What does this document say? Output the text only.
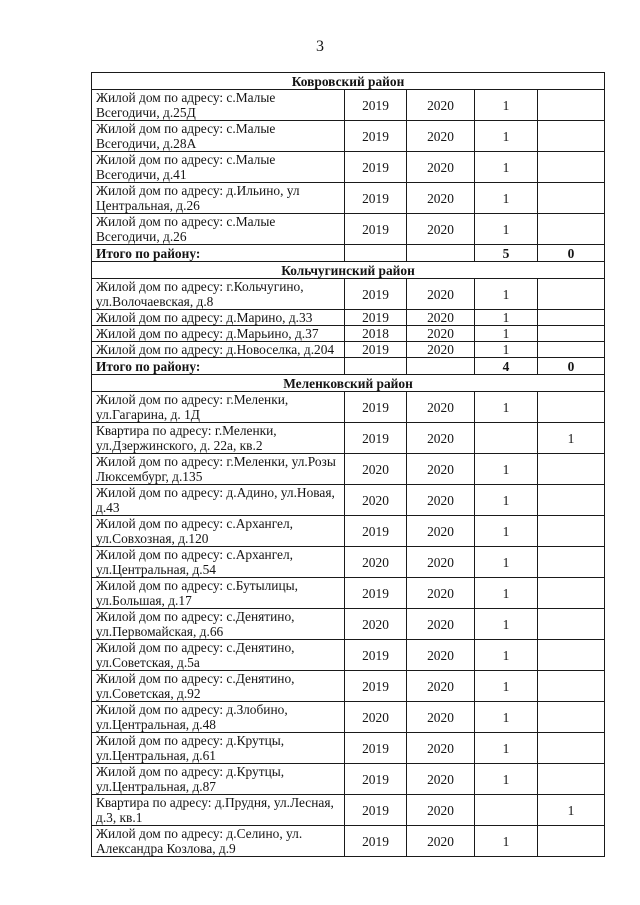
3
Ковровский район				
Жилой дом по адресу: с.Малые Всегодичи, д.25Д	2019	2020	1	
Жилой дом по адресу: с.Малые Всегодичи, д.28А	2019	2020	1	
Жилой дом по адресу: с.Малые Всегодичи, д.41	2019	2020	1	
Жилой дом по адресу: д.Ильино, ул Центральная, д.26	2019	2020	1	
Жилой дом по адресу: с.Малые Всегодичи, д.26	2019	2020	1	
Итого по району:			5	0
Кольчугинский район				
Жилой дом по адресу: г.Кольчугино, ул.Волочаевская, д.8	2019	2020	1	
Жилой дом по адресу: д.Марино, д.33	2019	2020	1	
Жилой дом по адресу: д.Марьино, д.37	2018	2020	1	
Жилой дом по адресу: д.Новоселка, д.204	2019	2020	1	
Итого по району:			4	0
Меленковский район				
Жилой дом по адресу: г.Меленки, ул.Гагарина, д. 1Д	2019	2020	1	
Квартира по адресу: г.Меленки, ул.Дзержинского, д. 22а, кв.2	2019	2020		1
Жилой дом по адресу: г.Меленки, ул.Розы Люксембург, д.135	2020	2020	1	
Жилой дом по адресу: д.Адино, ул.Новая, д.43	2020	2020	1	
Жилой дом по адресу: с.Архангел, ул.Совхозная, д.120	2019	2020	1	
Жилой дом по адресу: с.Архангел, ул.Центральная, д.54	2020	2020	1	
Жилой дом по адресу: с.Бутылицы, ул.Большая, д.17	2019	2020	1	
Жилой дом по адресу: с.Денятино, ул.Первомайская, д.66	2020	2020	1	
Жилой дом по адресу: с.Денятино, ул.Советская, д.5а	2019	2020	1	
Жилой дом по адресу: с.Денятино, ул.Советская, д.92	2019	2020	1	
Жилой дом по адресу: д.Злобино, ул.Центральная, д.48	2020	2020	1	
Жилой дом по адресу: д.Крутцы, ул.Центральная, д.61	2019	2020	1	
Жилой дом по адресу: д.Крутцы, ул.Центральная, д.87	2019	2020	1	
Квартира по адресу: д.Прудня, ул.Лесная, д.3, кв.1	2019	2020		1
Жилой дом по адресу: д.Селино, ул. Александра Козлова, д.9	2019	2020	1	
